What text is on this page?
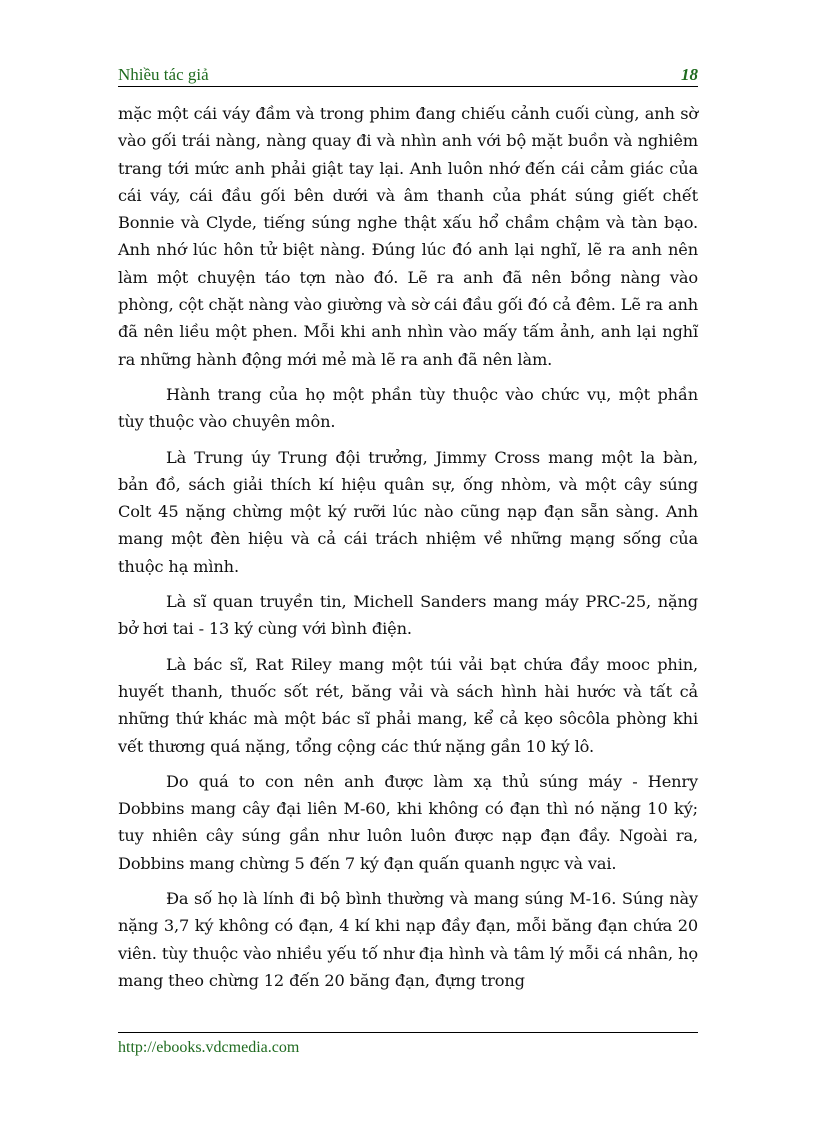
Nhiều tác giả	18

mặc một cái váy đầm và trong phim đang chiếu cảnh cuối cùng, anh sờ vào gối trái nàng, nàng quay đi và nhìn anh với bộ mặt buồn và nghiêm trang tới mức anh phải giật tay lại. Anh luôn nhớ đến cái cảm giác của cái váy, cái đầu gối bên dưới và âm thanh của phát súng giết chết Bonnie và Clyde, tiếng súng nghe thật xấu hổ chầm chậm và tàn bạo. Anh nhớ lúc hôn tử biệt nàng. Đúng lúc đó anh lại nghĩ, lẽ ra anh nên làm một chuyện táo tợn nào đó. Lẽ ra anh đã nên bồng nàng vào phòng, cột chặt nàng vào giường và sờ cái đầu gối đó cả đêm. Lẽ ra anh đã nên liều một phen. Mỗi khi anh nhìn vào mấy tấm ảnh, anh lại nghĩ ra những hành động mới mẻ mà lẽ ra anh đã nên làm.

Hành trang của họ một phần tùy thuộc vào chức vụ, một phần tùy thuộc vào chuyên môn.

Là Trung úy Trung đội trưởng, Jimmy Cross mang một la bàn, bản đồ, sách giải thích kí hiệu quân sự, ống nhòm, và một cây súng Colt 45 nặng chừng một ký rưỡi lúc nào cũng nạp đạn sẵn sàng. Anh mang một đèn hiệu và cả cái trách nhiệm về những mạng sống của thuộc hạ mình.

Là sĩ quan truyền tin, Michell Sanders mang máy PRC-25, nặng bở hơi tai - 13 ký cùng với bình điện.

Là bác sĩ, Rat Riley mang một túi vải bạt chứa đầy mooc phin, huyết thanh, thuốc sốt rét, băng vải và sách hình hài hước và tất cả những thứ khác mà một bác sĩ phải mang, kể cả kẹo sôcôla phòng khi vết thương quá nặng, tổng cộng các thứ nặng gần 10 ký lô.

Do quá to con nên anh được làm xạ thủ súng máy - Henry Dobbins mang cây đại liên M-60, khi không có đạn thì nó nặng 10 ký; tuy nhiên cây súng gần như luôn luôn được nạp đạn đầy. Ngoài ra, Dobbins mang chừng 5 đến 7 ký đạn quấn quanh ngực và vai.

Đa số họ là lính đi bộ bình thường và mang súng M-16. Súng này nặng 3,7 ký không có đạn, 4 kí khi nạp đầy đạn, mỗi băng đạn chứa 20 viên. tùy thuộc vào nhiều yếu tố như địa hình và tâm lý mỗi cá nhân, họ mang theo chừng 12 đến 20 băng đạn, đựng trong

http://ebooks.vdcmedia.com
